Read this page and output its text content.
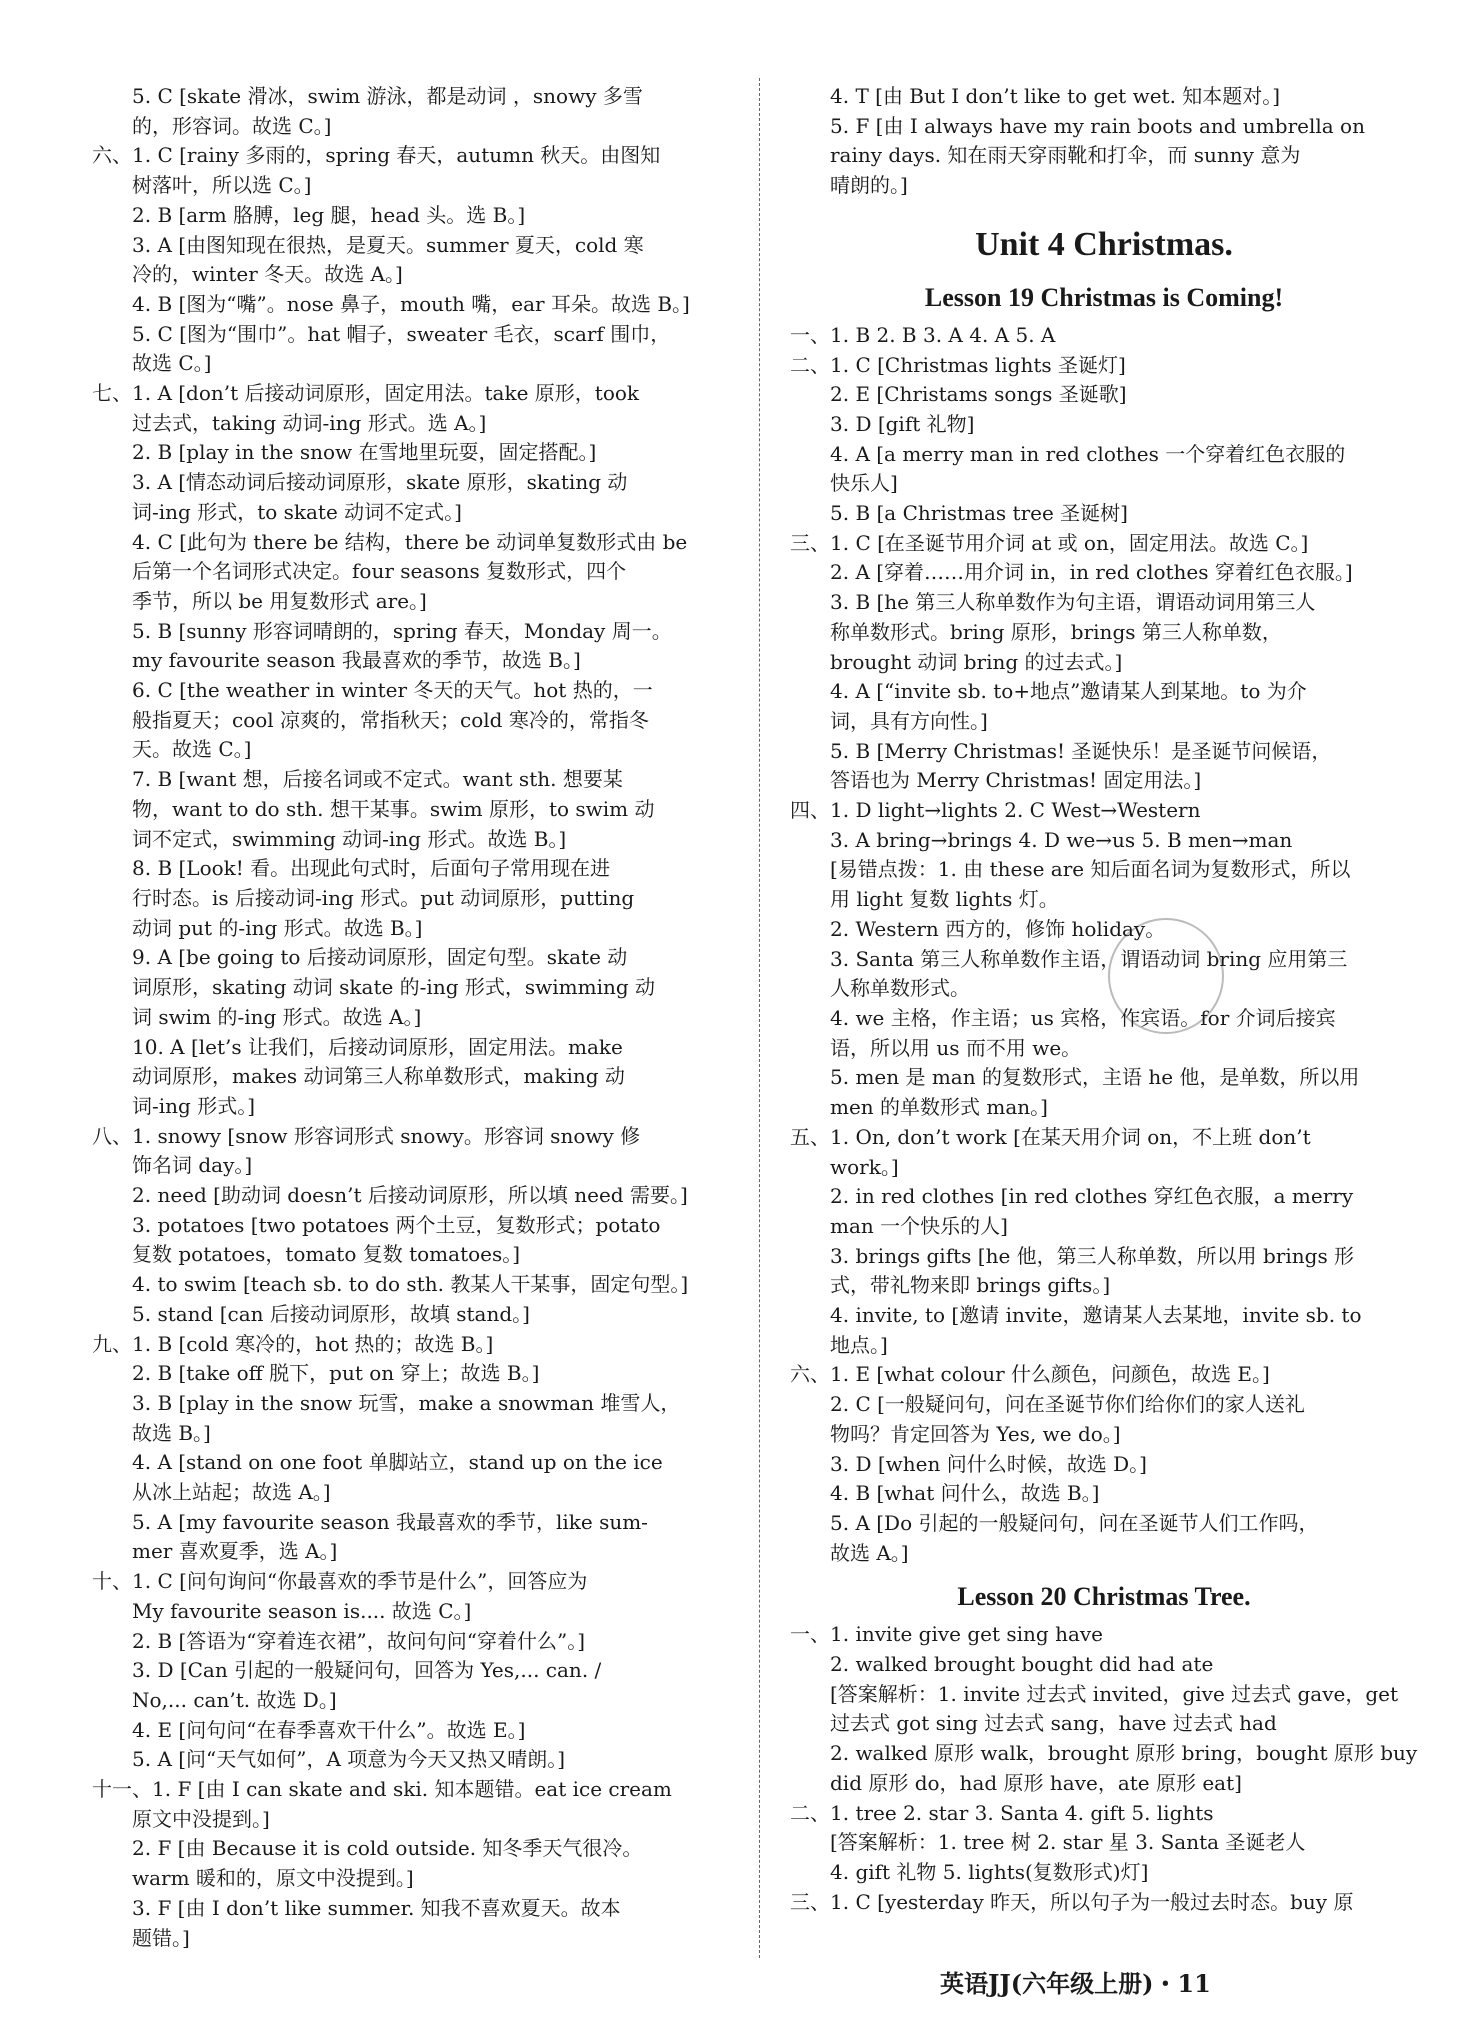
　　5. C [skate 滑冰，swim 游泳，都是动词 ，snowy 多雪
　　的，形容词。故选 C。]
六、1. C [rainy 多雨的，spring 春天，autumn 秋天。由图知
　　树落叶，所以选 C。]
　　2. B [arm 胳膊，leg 腿，head 头。选 B。]
　　3. A [由图知现在很热，是夏天。summer 夏天，cold 寒
　　冷的，winter 冬天。故选 A。]
　　4. B [图为“嘴”。nose 鼻子，mouth 嘴，ear 耳朵。故选 B。]
　　5. C [图为“围巾”。hat 帽子，sweater 毛衣，scarf 围巾，
　　故选 C。]
七、1. A [don’t 后接动词原形，固定用法。take 原形，took
　　过去式，taking 动词-ing 形式。选 A。]
　　2. B [play in the snow 在雪地里玩耍，固定搭配。]
　　3. A [情态动词后接动词原形，skate 原形，skating 动
　　词-ing 形式，to skate 动词不定式。]
　　4. C [此句为 there be 结构，there be 动词单复数形式由 be
　　后第一个名词形式决定。four seasons 复数形式，四个
　　季节，所以 be 用复数形式 are。]
　　5. B [sunny 形容词晴朗的，spring 春天，Monday 周一。
　　my favourite season 我最喜欢的季节，故选 B。]
　　6. C [the weather in winter 冬天的天气。hot 热的，一
　　般指夏天；cool 凉爽的，常指秋天；cold 寒冷的，常指冬
　　天。故选 C。]
　　7. B [want 想，后接名词或不定式。want sth. 想要某
　　物，want to do sth. 想干某事。swim 原形，to swim 动
　　词不定式，swimming 动词-ing 形式。故选 B。]
　　8. B [Look! 看。出现此句式时，后面句子常用现在进
　　行时态。is 后接动词-ing 形式。put 动词原形，putting
　　动词 put 的-ing 形式。故选 B。]
　　9. A [be going to 后接动词原形，固定句型。skate 动
　　词原形，skating 动词 skate 的-ing 形式，swimming 动
　　词 swim 的-ing 形式。故选 A。]
　　10. A [let’s 让我们，后接动词原形，固定用法。make
　　动词原形，makes 动词第三人称单数形式，making 动
　　词-ing 形式。]
八、1. snowy [snow 形容词形式 snowy。形容词 snowy 修
　　饰名词 day。]
　　2. need [助动词 doesn’t 后接动词原形，所以填 need 需要。]
　　3. potatoes [two potatoes 两个土豆，复数形式；potato
　　复数 potatoes，tomato 复数 tomatoes。]
　　4. to swim [teach sb. to do sth. 教某人干某事，固定句型。]
　　5. stand [can 后接动词原形，故填 stand。]
九、1. B [cold 寒冷的，hot 热的；故选 B。]
　　2. B [take off 脱下，put on 穿上；故选 B。]
　　3. B [play in the snow 玩雪，make a snowman 堆雪人，
　　故选 B。]
　　4. A [stand on one foot 单脚站立，stand up on the ice
　　从冰上站起；故选 A。]
　　5. A [my favourite season 我最喜欢的季节，like sum-
　　mer 喜欢夏季，选 A。]
十、1. C [问句询问“你最喜欢的季节是什么”，回答应为
　　My favourite season is.... 故选 C。]
　　2. B [答语为“穿着连衣裙”，故问句问“穿着什么”。]
　　3. D [Can 引起的一般疑问句，回答为 Yes,... can. /
　　No,... can’t. 故选 D。]
　　4. E [问句问“在春季喜欢干什么”。故选 E。]
　　5. A [问“天气如何”，A 项意为今天又热又晴朗。]
十一、1. F [由 I can skate and ski. 知本题错。eat ice cream
　　原文中没提到。]
　　2. F [由 Because it is cold outside. 知冬季天气很冷。
　　warm 暖和的，原文中没提到。]
　　3. F [由 I don’t like summer. 知我不喜欢夏天。故本
　　题错。]
　　4. T [由 But I don’t like to get wet. 知本题对。]
　　5. F [由 I always have my rain boots and umbrella on
　　rainy days. 知在雨天穿雨靴和打伞，而 sunny 意为
　　晴朗的。]
Unit 4 Christmas.
Lesson 19 Christmas is Coming!
一、1. B 2. B 3. A 4. A 5. A
二、1. C [Christmas lights 圣诞灯]
　　2. E [Christams songs 圣诞歌]
　　3. D [gift 礼物]
　　4. A [a merry man in red clothes 一个穿着红色衣服的
　　快乐人]
　　5. B [a Christmas tree 圣诞树]
三、1. C [在圣诞节用介词 at 或 on，固定用法。故选 C。]
　　2. A [穿着……用介词 in，in red clothes 穿着红色衣服。]
　　3. B [he 第三人称单数作为句主语，谓语动词用第三人
　　称单数形式。bring 原形，brings 第三人称单数，
　　brought 动词 bring 的过去式。]
　　4. A [“invite sb. to+地点”邀请某人到某地。to 为介
　　词，具有方向性。]
　　5. B [Merry Christmas! 圣诞快乐！是圣诞节问候语，
　　答语也为 Merry Christmas! 固定用法。]
四、1. D light→lights 2. C West→Western
　　3. A bring→brings 4. D we→us 5. B men→man
　　[易错点拨：1. 由 these are 知后面名词为复数形式，所以
　　用 light 复数 lights 灯。
　　2. Western 西方的，修饰 holiday。
　　3. Santa 第三人称单数作主语，谓语动词 bring 应用第三
　　人称单数形式。
　　4. we 主格，作主语；us 宾格，作宾语。for 介词后接宾
　　语，所以用 us 而不用 we。
　　5. men 是 man 的复数形式，主语 he 他，是单数，所以用
　　men 的单数形式 man。]
五、1. On, don’t work [在某天用介词 on，不上班 don’t
　　work。]
　　2. in red clothes [in red clothes 穿红色衣服，a merry
　　man 一个快乐的人]
　　3. brings gifts [he 他，第三人称单数，所以用 brings 形
　　式，带礼物来即 brings gifts。]
　　4. invite, to [邀请 invite，邀请某人去某地，invite sb. to
　　地点。]
六、1. E [what colour 什么颜色，问颜色，故选 E。]
　　2. C [一般疑问句，问在圣诞节你们给你们的家人送礼
　　物吗？肯定回答为 Yes, we do。]
　　3. D [when 问什么时候，故选 D。]
　　4. B [what 问什么，故选 B。]
　　5. A [Do 引起的一般疑问句，问在圣诞节人们工作吗，
　　故选 A。]
Lesson 20 Christmas Tree.
一、1. invite give get sing have
　　2. walked brought bought did had ate
　　[答案解析：1. invite 过去式 invited，give 过去式 gave，get
　　过去式 got sing 过去式 sang，have 过去式 had
　　2. walked 原形 walk，brought 原形 bring，bought 原形 buy
　　did 原形 do，had 原形 have，ate 原形 eat]
二、1. tree 2. star 3. Santa 4. gift 5. lights
　　[答案解析：1. tree 树 2. star 星 3. Santa 圣诞老人
　　4. gift 礼物 5. lights(复数形式)灯]
三、1. C [yesterday 昨天，所以句子为一般过去时态。buy 原
英语JJ(六年级上册)・11
